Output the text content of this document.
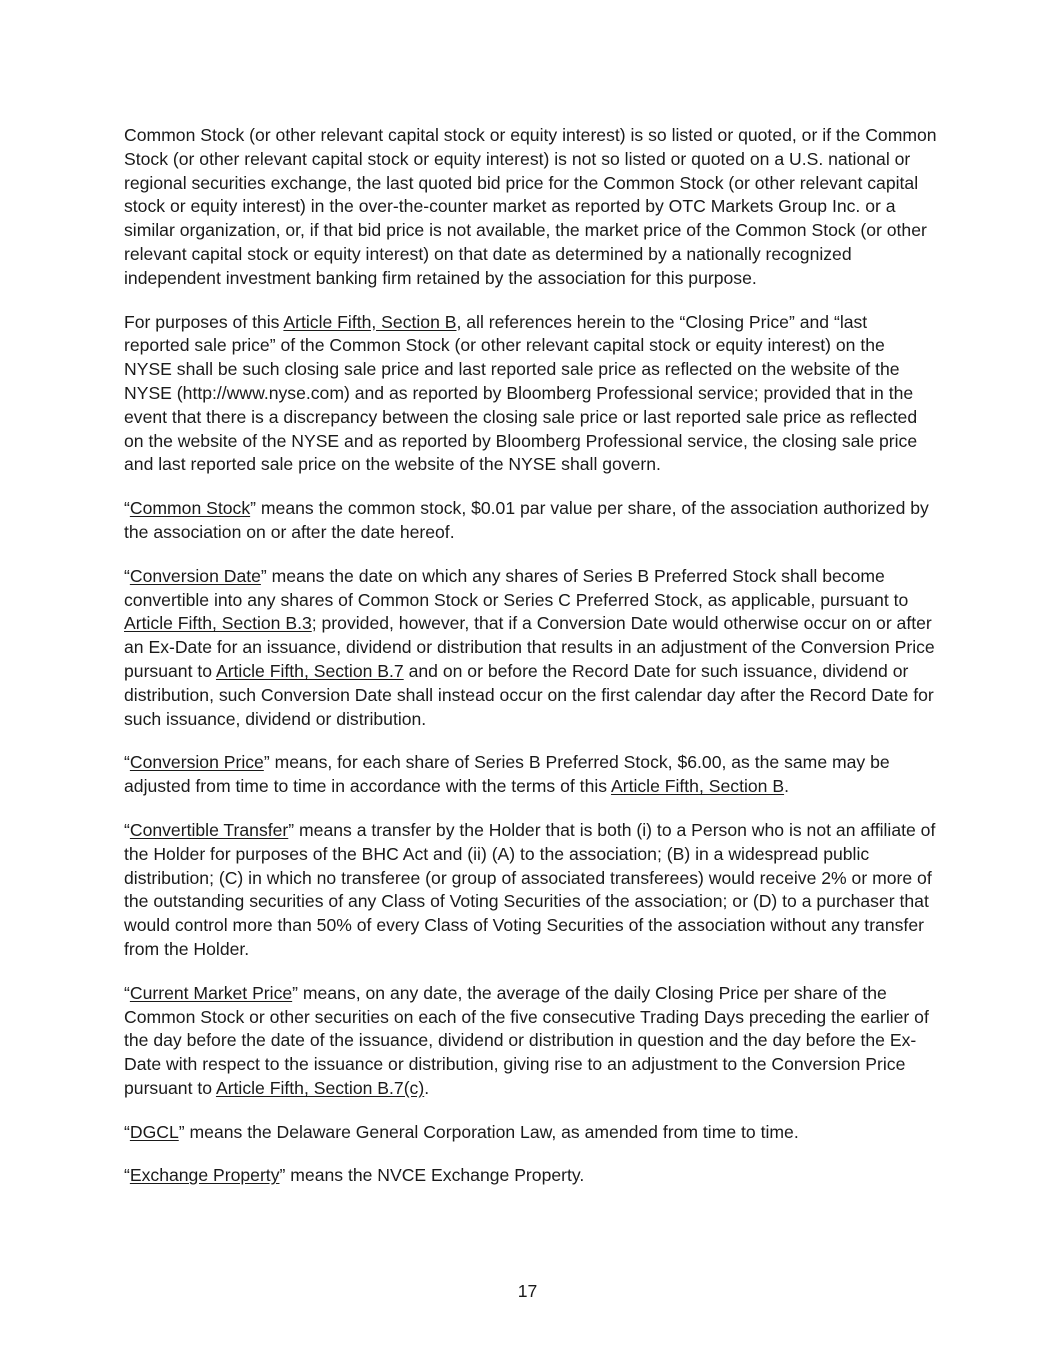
Common Stock (or other relevant capital stock or equity interest) is so listed or quoted, or if the Common Stock (or other relevant capital stock or equity interest) is not so listed or quoted on a U.S. national or regional securities exchange, the last quoted bid price for the Common Stock (or other relevant capital stock or equity interest) in the over-the-counter market as reported by OTC Markets Group Inc. or a similar organization, or, if that bid price is not available, the market price of the Common Stock (or other relevant capital stock or equity interest) on that date as determined by a nationally recognized independent investment banking firm retained by the association for this purpose.

For purposes of this Article Fifth, Section B, all references herein to the “Closing Price” and “last reported sale price” of the Common Stock (or other relevant capital stock or equity interest) on the NYSE shall be such closing sale price and last reported sale price as reflected on the website of the NYSE (http://www.nyse.com) and as reported by Bloomberg Professional service; provided that in the event that there is a discrepancy between the closing sale price or last reported sale price as reflected on the website of the NYSE and as reported by Bloomberg Professional service, the closing sale price and last reported sale price on the website of the NYSE shall govern.

“Common Stock” means the common stock, $0.01 par value per share, of the association authorized by the association on or after the date hereof.

“Conversion Date” means the date on which any shares of Series B Preferred Stock shall become convertible into any shares of Common Stock or Series C Preferred Stock, as applicable, pursuant to Article Fifth, Section B.3; provided, however, that if a Conversion Date would otherwise occur on or after an Ex-Date for an issuance, dividend or distribution that results in an adjustment of the Conversion Price pursuant to Article Fifth, Section B.7 and on or before the Record Date for such issuance, dividend or distribution, such Conversion Date shall instead occur on the first calendar day after the Record Date for such issuance, dividend or distribution.

“Conversion Price” means, for each share of Series B Preferred Stock, $6.00, as the same may be adjusted from time to time in accordance with the terms of this Article Fifth, Section B.

“Convertible Transfer” means a transfer by the Holder that is both (i) to a Person who is not an affiliate of the Holder for purposes of the BHC Act and (ii) (A) to the association; (B) in a widespread public distribution; (C) in which no transferee (or group of associated transferees) would receive 2% or more of the outstanding securities of any Class of Voting Securities of the association; or (D) to a purchaser that would control more than 50% of every Class of Voting Securities of the association without any transfer from the Holder.

“Current Market Price” means, on any date, the average of the daily Closing Price per share of the Common Stock or other securities on each of the five consecutive Trading Days preceding the earlier of the day before the date of the issuance, dividend or distribution in question and the day before the Ex-Date with respect to the issuance or distribution, giving rise to an adjustment to the Conversion Price pursuant to Article Fifth, Section B.7(c).

“DGCL” means the Delaware General Corporation Law, as amended from time to time.

“Exchange Property” means the NVCE Exchange Property.

17
